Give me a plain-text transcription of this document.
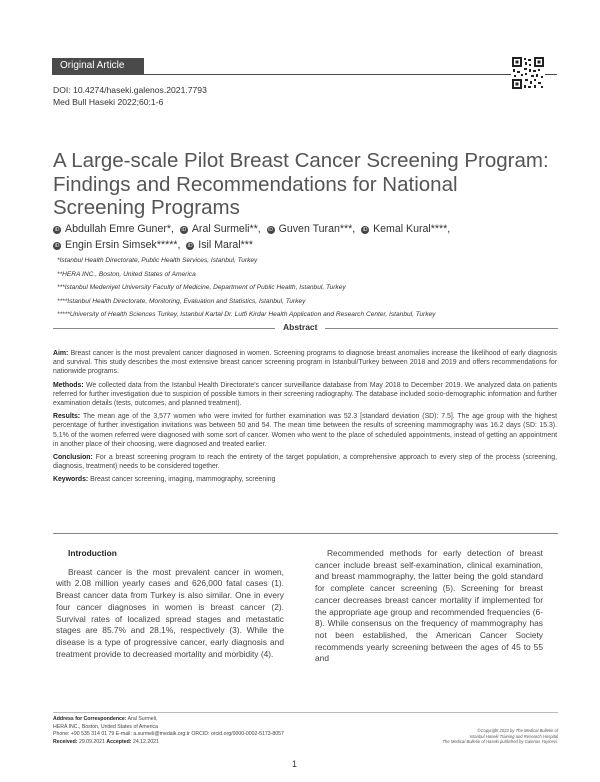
Original Article
DOI: 10.4274/haseki.galenos.2021.7793
Med Bull Haseki 2022;60:1-6
A Large-scale Pilot Breast Cancer Screening Program: Findings and Recommendations for National Screening Programs
iD Abdullah Emre Guner*, iD Aral Surmeli**, iD Guven Turan***, iD Kemal Kural****,
iD Engin Ersin Simsek*****, iD Isil Maral***
*Istanbul Health Directorate, Public Health Services, Istanbul, Turkey
**HERA INC., Boston, United States of America
***Istanbul Medeniyet University Faculty of Medicine, Department of Public Health, Istanbul, Turkey
****Istanbul Health Directorate, Monitoring, Evaluation and Statistics, Istanbul, Turkey
*****University of Health Sciences Turkey, Istanbul Kartal Dr. Lutfi Kirdar Health Application and Research Center, Istanbul, Turkey
Abstract

Aim: Breast cancer is the most prevalent cancer diagnosed in women. Screening programs to diagnose breast anomalies increase the likelihood of early diagnosis and survival. This study describes the most extensive breast cancer screening program in Istanbul/Turkey between 2018 and 2019 and offers recommendations for nationwide programs.

Methods: We collected data from the Istanbul Health Directorate's cancer surveillance database from May 2018 to December 2019. We analyzed data on patients referred for further investigation due to suspicion of possible tumors in their screening radiography. The database included socio-demographic information and further examination details (tests, outcomes, and planned treatment).

Results: The mean age of the 3,577 women who were invited for further examination was 52.3 [standard deviation (SD): 7.5]. The age group with the highest percentage of further investigation invitations was between 50 and 54. The mean time between the results of screening mammography was 16.2 days (SD: 15.3). 5.1% of the women referred were diagnosed with some sort of cancer. Women who went to the place of scheduled appointments, instead of getting an appointment in another place of their choosing, were diagnosed and treated earlier.

Conclusion: For a breast screening program to reach the entirety of the target population, a comprehensive approach to every step of the process (screening, diagnosis, treatment) needs to be considered together.

Keywords: Breast cancer screening, imaging, mammography, screening

Introduction

Breast cancer is the most prevalent cancer in women, with 2.08 million yearly cases and 626,000 fatal cases (1). Breast cancer data from Turkey is also similar. One in every four cancer diagnoses in women is breast cancer (2). Survival rates of localized spread stages and metastatic stages are 85.7% and 28.1%, respectively (3). While the disease is a type of progressive cancer, early diagnosis and treatment provide to decreased mortality and morbidity (4).

Recommended methods for early detection of breast cancer include breast self-examination, clinical examination, and breast mammography, the latter being the gold standard for complete cancer screening (5). Screening for breast cancer decreases breast cancer mortality if implemented for the appropriate age group and recommended frequencies (6-8). While consensus on the frequency of mammography has not been established, the American Cancer Society recommends yearly screening between the ages of 45 to 55 and

Address for Correspondence: Aral Surmeli,
HERA INC., Boston, United States of America
Phone: +90 535 314 01 79 E-mail: a.surmeli@medaik.org.tr ORCID: orcid.org/0000-0002-5173-8057
Received: 29.09.2021 Accepted: 24.12.2021
©Copyright 2022 by The Medical Bulletin of
Istanbul Haseki Training and Research Hospital
The Medical Bulletin of Haseki published by Galenos Yayinevi.
1
